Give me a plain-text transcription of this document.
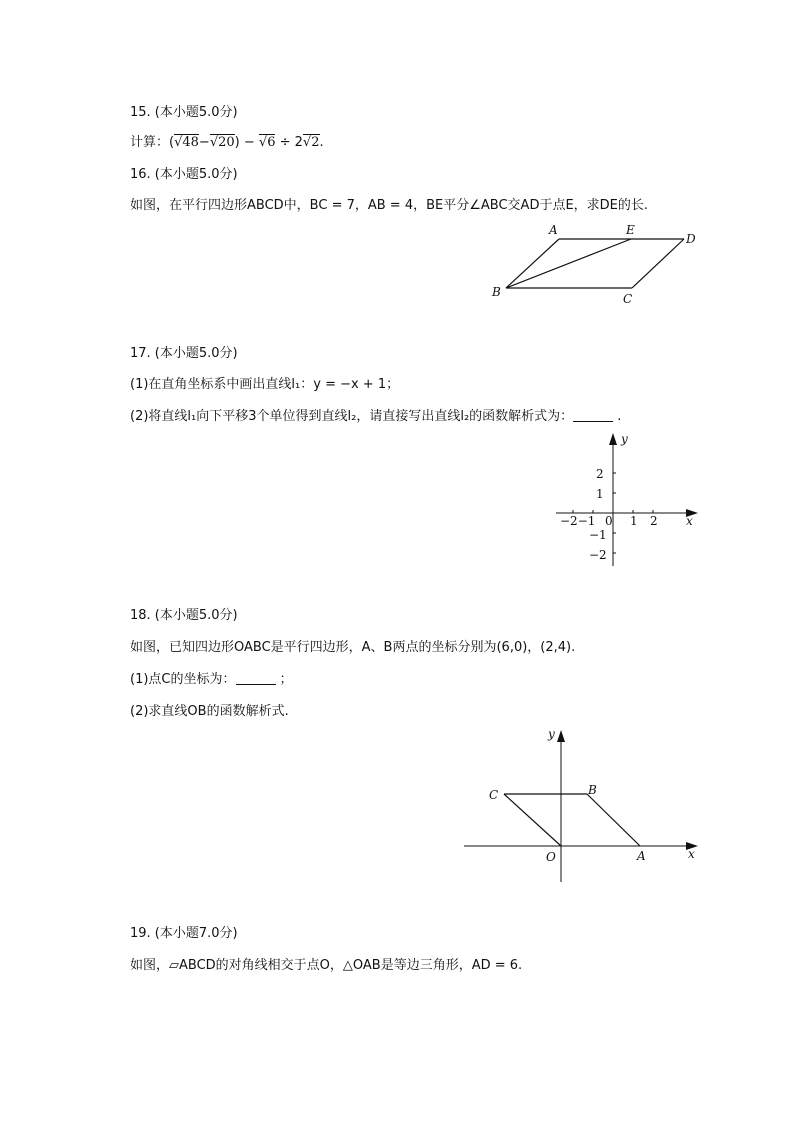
15. (本小题5.0分)
计算：(√48−√20) − √6 ÷ 2√2.
16. (本小题5.0分)
如图，在平行四边形ABCD中，BC = 7，AB = 4，BE平分∠ABC交AD于点E，求DE的长.
A	E
D
B	C
17. (本小题5.0分)
(1)在直角坐标系中画出直线l₁：y = −x + 1；
(2)将直线l₁向下平移3个单位得到直线l₂，请直接写出直线l₂的函数解析式为：	.
y
x
2
1
−1
−2
−2−1 0 1 2
18. (本小题5.0分)
如图，已知四边形OABC是平行四边形，A、B两点的坐标分别为(6,0)，(2,4).
(1)点C的坐标为：	；
(2)求直线OB的函数解析式.
y
x
C	B
O	A
19. (本小题7.0分)
如图，▱ABCD的对角线相交于点O，△OAB是等边三角形，AD = 6.
